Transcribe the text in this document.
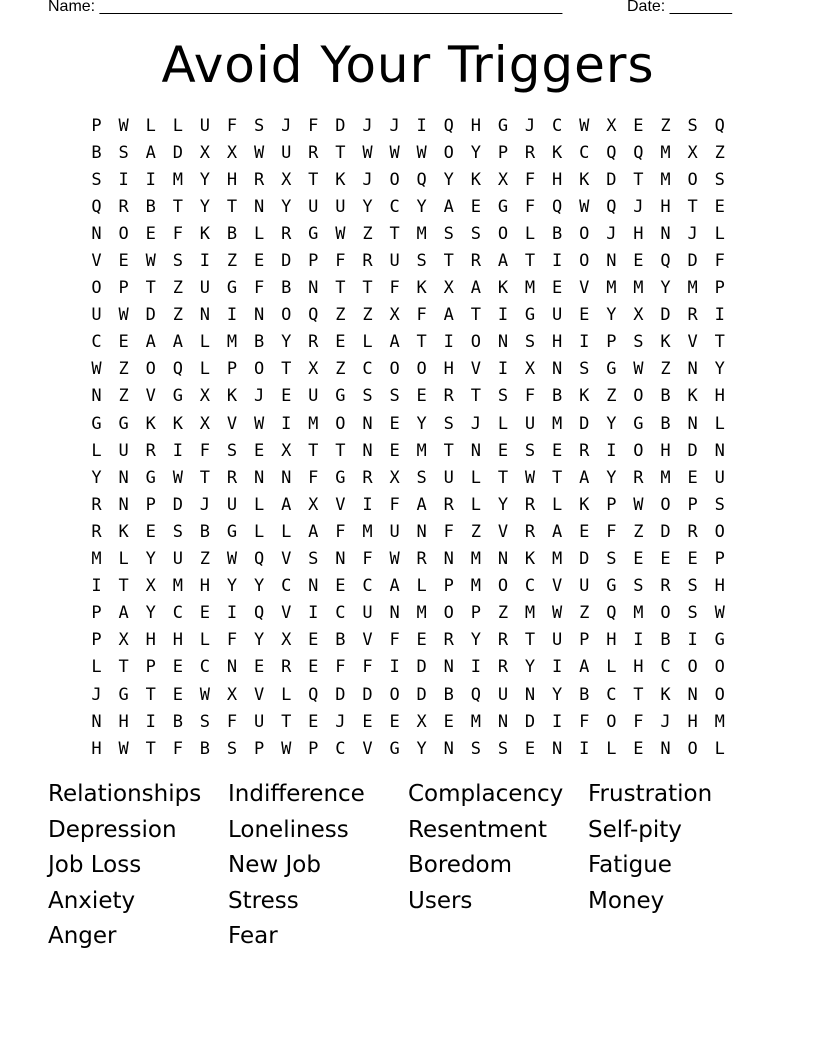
Name: ____________________________________________________	Date: _______
Avoid Your Triggers
P W L L U F S J F D J J I Q H G J C W X E Z S Q
B S A D X X W U R T W W W O Y P R K C Q Q M X Z
S I I M Y H R X T K J O Q Y K X F H K D T M O S
Q R B T Y T N Y U U Y C Y A E G F Q W Q J H T E
N O E F K B L R G W Z T M S S O L B O J H N J L
V E W S I Z E D P F R U S T R A T I O N E Q D F
O P T Z U G F B N T T F K X A K M E V M M Y M P
U W D Z N I N O Q Z Z X F A T I G U E Y X D R I
C E A A L M B Y R E L A T I O N S H I P S K V T
W Z O Q L P O T X Z C O O H V I X N S G W Z N Y
N Z V G X K J E U G S S E R T S F B K Z O B K H
G G K K X V W I M O N E Y S J L U M D Y G B N L
L U R I F S E X T T N E M T N E S E R I O H D N
Y N G W T R N N F G R X S U L T W T A Y R M E U
R N P D J U L A X V I F A R L Y R L K P W O P S
R K E S B G L L A F M U N F Z V R A E F Z D R O
M L Y U Z W Q V S N F W R N M N K M D S E E E P
I T X M H Y Y C N E C A L P M O C V U G S R S H
P A Y C E I Q V I C U N M O P Z M W Z Q M O S W
P X H H L F Y X E B V F E R Y R T U P H I B I G
L T P E C N E R E F F I D N I R Y I A L H C O O
J G T E W X V L Q D D O D B Q U N Y B C T K N O
N H I B S F U T E J E E X E M N D I F O F J H M
H W T F B S P W P C V G Y N S S E N I L E N O L
Relationships	Indifference	Complacency	Frustration
Depression	Loneliness	Resentment	Self-pity
Job Loss	New Job	Boredom	Fatigue
Anxiety	Stress	Users	Money
Anger	Fear
